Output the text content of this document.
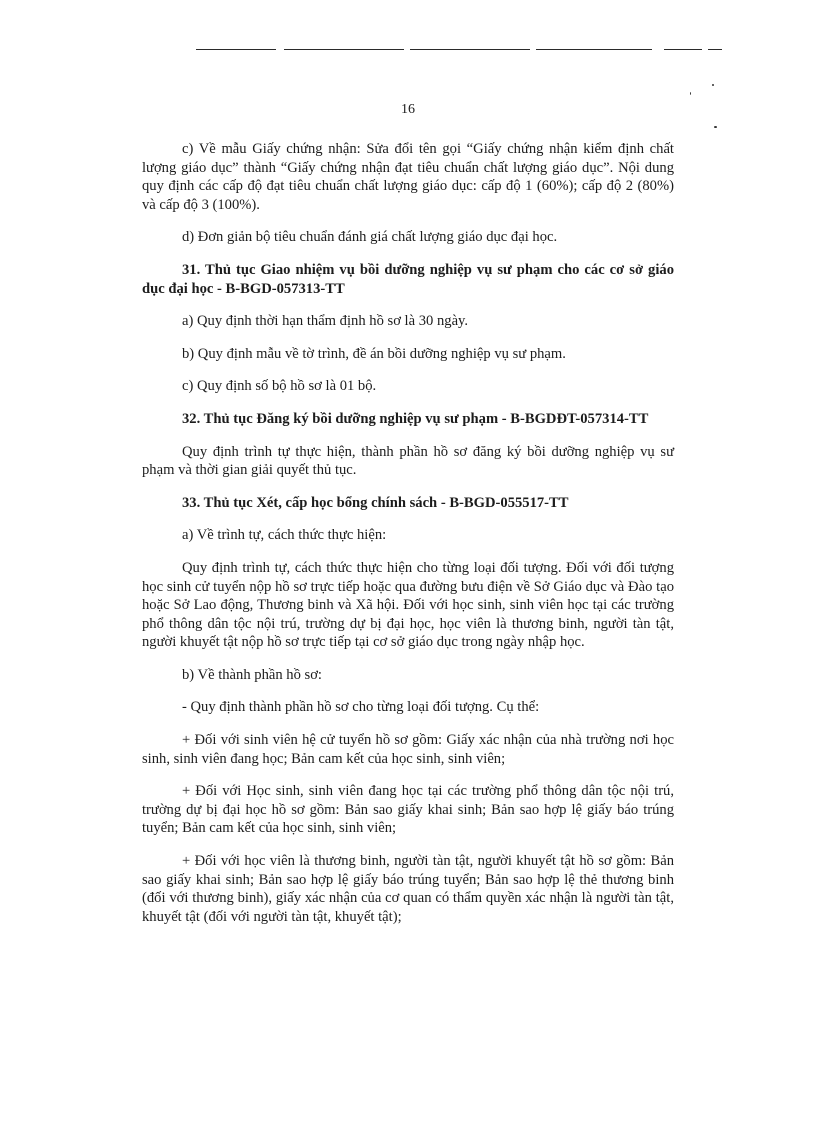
16

c) Về mẫu Giấy chứng nhận: Sửa đổi tên gọi “Giấy chứng nhận kiểm định chất lượng giáo dục” thành “Giấy chứng nhận đạt tiêu chuẩn chất lượng giáo dục”. Nội dung quy định các cấp độ đạt tiêu chuẩn chất lượng giáo dục: cấp độ 1 (60%); cấp độ 2 (80%) và cấp độ 3 (100%).

d) Đơn giản bộ tiêu chuẩn đánh giá chất lượng giáo dục đại học.

31. Thủ tục Giao nhiệm vụ bồi dưỡng nghiệp vụ sư phạm cho các cơ sở giáo dục đại học - B-BGD-057313-TT

a) Quy định thời hạn thẩm định hồ sơ là 30 ngày.

b) Quy định mẫu về tờ trình, đề án bồi dưỡng nghiệp vụ sư phạm.

c) Quy định số bộ hồ sơ là 01 bộ.

32. Thủ tục Đăng ký bồi dưỡng nghiệp vụ sư phạm - B-BGDĐT-057314-TT

Quy định trình tự thực hiện, thành phần hồ sơ đăng ký bồi dưỡng nghiệp vụ sư phạm và thời gian giải quyết thủ tục.

33. Thủ tục Xét, cấp học bổng chính sách - B-BGD-055517-TT

a) Về trình tự, cách thức thực hiện:

Quy định trình tự, cách thức thực hiện cho từng loại đối tượng. Đối với đối tượng học sinh cử tuyển nộp hồ sơ trực tiếp hoặc qua đường bưu điện về Sở Giáo dục và Đào tạo hoặc Sở Lao động, Thương binh và Xã hội. Đối với học sinh, sinh viên học tại các trường phổ thông dân tộc nội trú, trường dự bị đại học, học viên là thương binh, người tàn tật, người khuyết tật nộp hồ sơ trực tiếp tại cơ sở giáo dục trong ngày nhập học.

b) Về thành phần hồ sơ:

- Quy định thành phần hồ sơ cho từng loại đối tượng. Cụ thể:

+ Đối với sinh viên hệ cử tuyển hồ sơ gồm: Giấy xác nhận của nhà trường nơi học sinh, sinh viên đang học; Bản cam kết của học sinh, sinh viên;

+ Đối với Học sinh, sinh viên đang học tại các trường phổ thông dân tộc nội trú, trường dự bị đại học hồ sơ gồm: Bản sao giấy khai sinh; Bản sao hợp lệ giấy báo trúng tuyển; Bản cam kết của học sinh, sinh viên;

+ Đối với học viên là thương binh, người tàn tật, người khuyết tật hồ sơ gồm: Bản sao giấy khai sinh; Bản sao hợp lệ giấy báo trúng tuyển; Bản sao hợp lệ thẻ thương binh (đối với thương binh), giấy xác nhận của cơ quan có thẩm quyền xác nhận là người tàn tật, khuyết tật (đối với người tàn tật, khuyết tật);
